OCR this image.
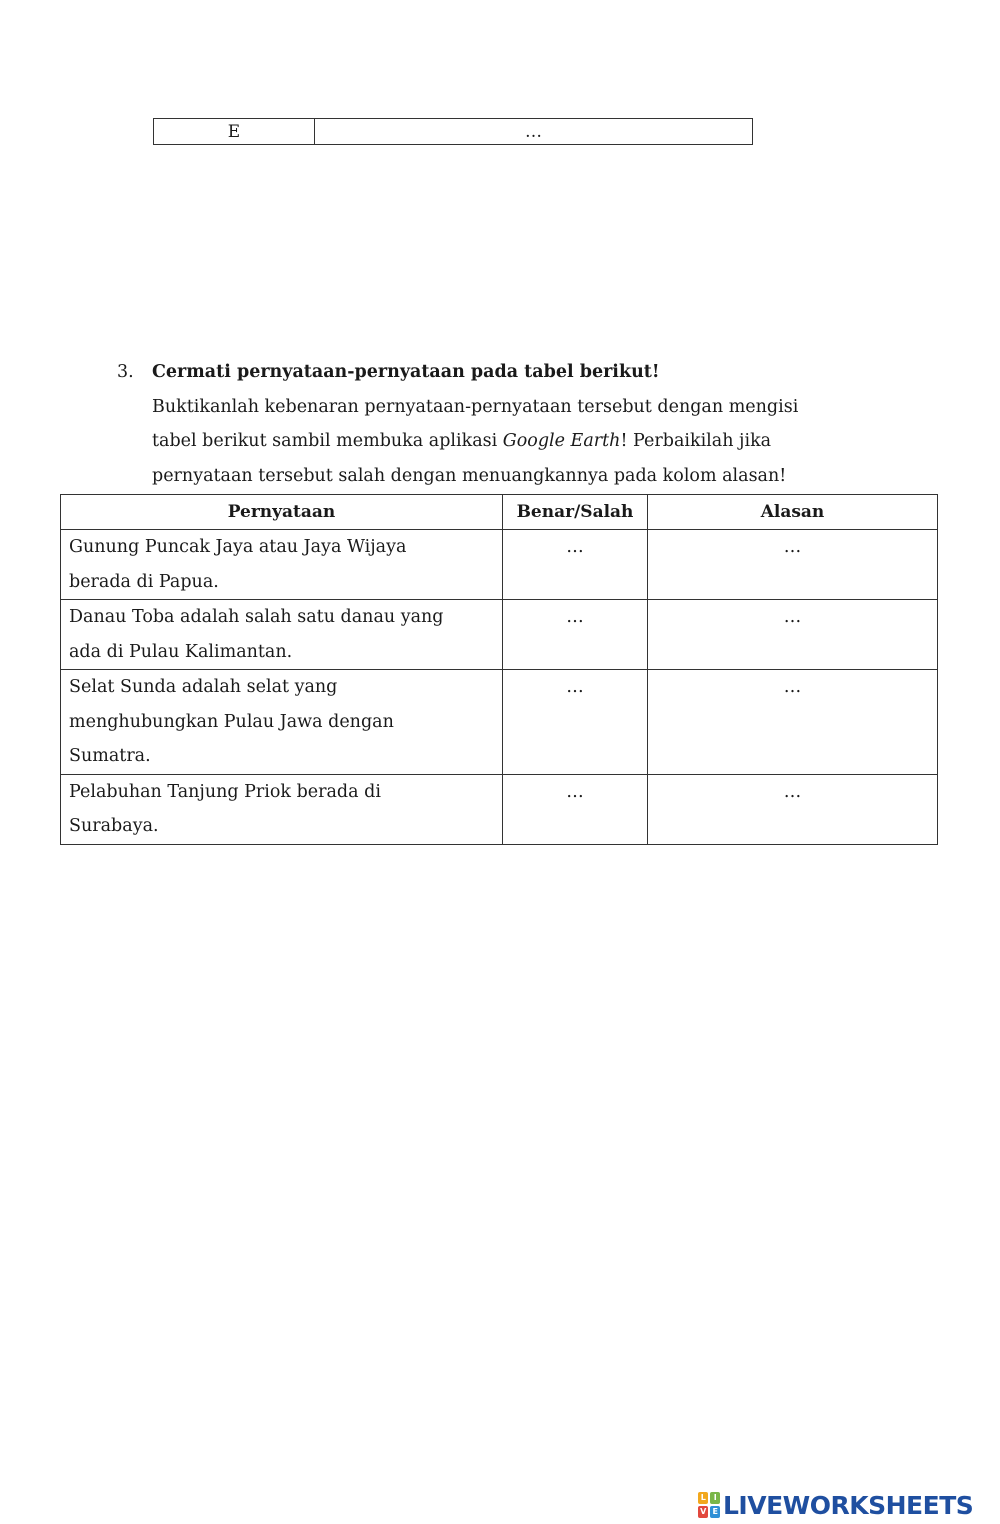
E	…
3. Cermati pernyataan-pernyataan pada tabel berikut!
Buktikanlah kebenaran pernyataan-pernyataan tersebut dengan mengisi
tabel berikut sambil membuka aplikasi Google Earth! Perbaikilah jika
pernyataan tersebut salah dengan menuangkannya pada kolom alasan!
Pernyataan	Benar/Salah	Alasan

Gunung Puncak Jaya atau Jaya Wijaya
berada di Papua.	…	…

Danau Toba adalah salah satu danau yang
ada di Pulau Kalimantan.	…	…

Selat Sunda adalah selat yang
menghubungkan Pulau Jawa dengan
Sumatra.	…	…

Pelabuhan Tanjung Priok berada di
Surabaya.	…	…
L	I
V E LIVEWORKSHEETS
